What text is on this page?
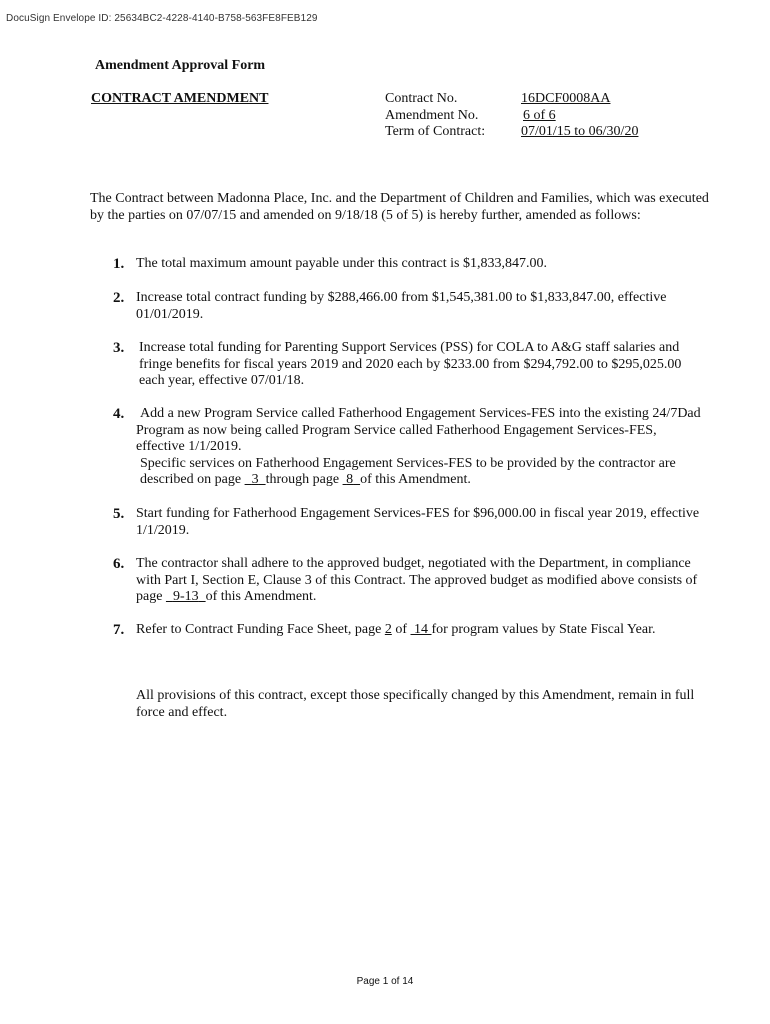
DocuSign Envelope ID: 25634BC2-4228-4140-B758-563FE8FEB129
Amendment Approval Form
CONTRACT AMENDMENT	Contract No.
Amendment No.
Term of Contract:
16DCF0008AA
6 of 6
07/01/15 to 06/30/20
The Contract between Madonna Place, Inc. and the Department of Children and Families, which was executed by the parties on 07/07/15 and amended on 9/18/18 (5 of 5) is hereby further, amended as follows:
1. The total maximum amount payable under this contract is $1,833,847.00.
2. Increase total contract funding by $288,466.00 from $1,545,381.00 to $1,833,847.00, effective 01/01/2019.
3. Increase total funding for Parenting Support Services (PSS) for COLA to A&G staff salaries and fringe benefits for fiscal years 2019 and 2020 each by $233.00 from $294,792.00 to $295,025.00 each year, effective 07/01/18.
4. Add a new Program Service called Fatherhood Engagement Services-FES into the existing 24/7Dad Program as now being called Program Service called Fatherhood Engagement Services-FES, effective 1/1/2019.
Specific services on Fatherhood Engagement Services-FES to be provided by the contractor are described on page 3 through page 8 of this Amendment.
5. Start funding for Fatherhood Engagement Services-FES for $96,000.00 in fiscal year 2019, effective 1/1/2019.
6. The contractor shall adhere to the approved budget, negotiated with the Department, in compliance with Part I, Section E, Clause 3 of this Contract. The approved budget as modified above consists of page 9-13 of this Amendment.
7. Refer to Contract Funding Face Sheet, page 2 of 14 for program values by State Fiscal Year.
All provisions of this contract, except those specifically changed by this Amendment, remain in full force and effect.
Page 1 of 14
